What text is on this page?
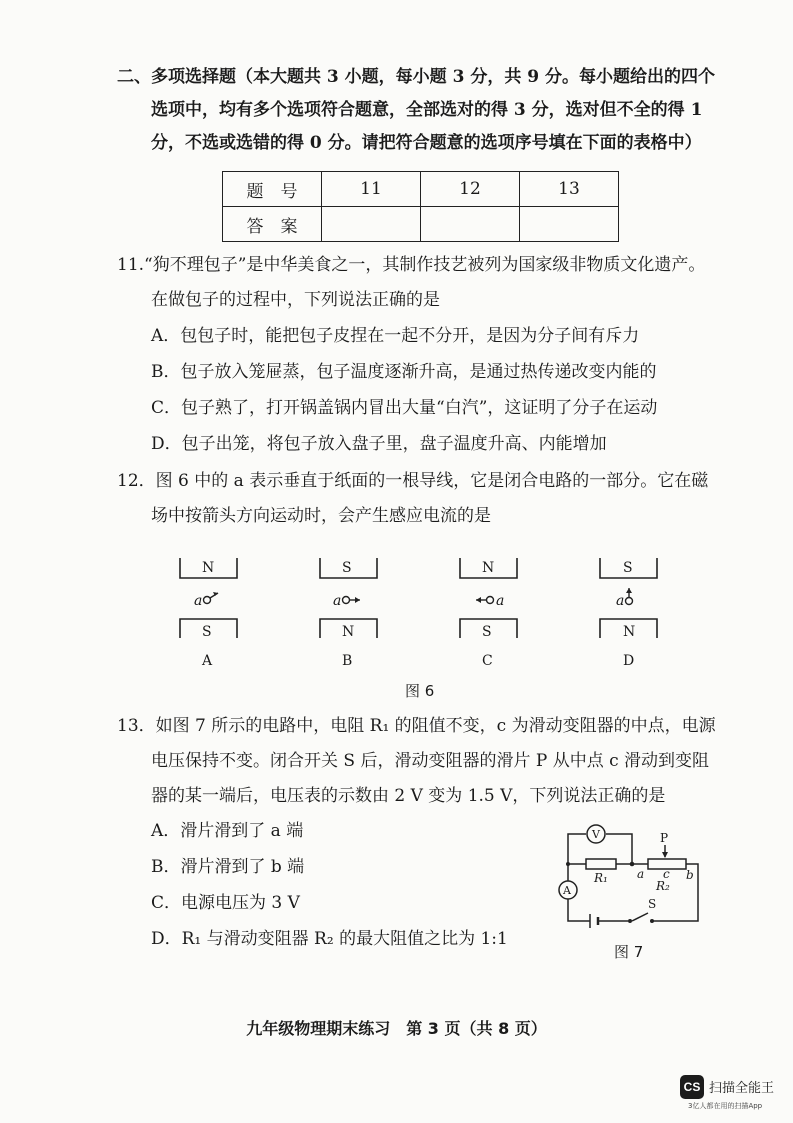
二、多项选择题（本大题共 3 小题，每小题 3 分，共 9 分。每小题给出的四个
选项中，均有多个选项符合题意，全部选对的得 3 分，选对但不全的得 1
分，不选或选错的得 0 分。请把符合题意的选项序号填在下面的表格中）
题　号	11	12	13
答　案			
11.“狗不理包子”是中华美食之一，其制作技艺被列为国家级非物质文化遗产。
在做包子的过程中，下列说法正确的是
A．包包子时，能把包子皮捏在一起不分开，是因为分子间有斥力
B．包子放入笼屉蒸，包子温度逐渐升高，是通过热传递改变内能的
C．包子熟了，打开锅盖锅内冒出大量“白汽”，这证明了分子在运动
D．包子出笼，将包子放入盘子里，盘子温度升高、内能增加
12．图 6 中的 a 表示垂直于纸面的一根导线，它是闭合电路的一部分。它在磁
场中按箭头方向运动时，会产生感应电流的是
N
S
S
N
N
S
S
N
a	a	a	a
A	B	C	D
图 6
13．如图 7 所示的电路中，电阻 R₁ 的阻值不变，c 为滑动变阻器的中点，电源
电压保持不变。闭合开关 S 后，滑动变阻器的滑片 P 从中点 c 滑动到变阻
器的某一端后，电压表的示数由 2 V 变为 1.5 V，下列说法正确的是
A．滑片滑到了 a 端
B．滑片滑到了 b 端
C．电源电压为 3 V
D．R₁ 与滑动变阻器 R₂ 的最大阻值之比为 1:1
V
A
P
R₁
R₂
a c b
S
图 7
九年级物理期末练习　第 3 页（共 8 页）
CS 扫描全能王
3亿人都在用的扫描App
